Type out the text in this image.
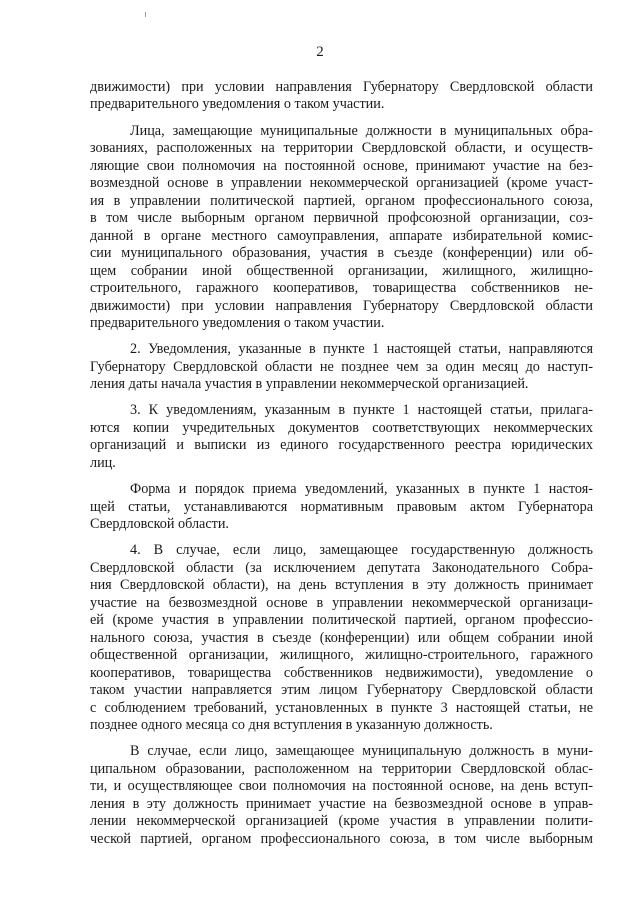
2
движимости) при условии направления Губернатору Свердловской области
предварительного уведомления о таком участии.
Лица, замещающие муниципальные должности в муниципальных обра-
зованиях, расположенных на территории Свердловской области, и осуществ-
ляющие свои полномочия на постоянной основе, принимают участие на без-
возмездной основе в управлении некоммерческой организацией (кроме участ-
ия в управлении политической партией, органом профессионального союза,
в том числе выборным органом первичной профсоюзной организации, соз-
данной в органе местного самоуправления, аппарате избирательной комис-
сии муниципального образования, участия в съезде (конференции) или об-
щем собрании иной общественной организации, жилищного, жилищно-
строительного, гаражного кооперативов, товарищества собственников не-
движимости) при условии направления Губернатору Свердловской области
предварительного уведомления о таком участии.
2. Уведомления, указанные в пункте 1 настоящей статьи, направляются
Губернатору Свердловской области не позднее чем за один месяц до наступ-
ления даты начала участия в управлении некоммерческой организацией.
3. К уведомлениям, указанным в пункте 1 настоящей статьи, прилага-
ются копии учредительных документов соответствующих некоммерческих
организаций и выписки из единого государственного реестра юридических
лиц.
Форма и порядок приема уведомлений, указанных в пункте 1 настоя-
щей статьи, устанавливаются нормативным правовым актом Губернатора
Свердловской области.
4. В случае, если лицо, замещающее государственную должность
Свердловской области (за исключением депутата Законодательного Собра-
ния Свердловской области), на день вступления в эту должность принимает
участие на безвозмездной основе в управлении некоммерческой организаци-
ей (кроме участия в управлении политической партией, органом профессио-
нального союза, участия в съезде (конференции) или общем собрании иной
общественной организации, жилищного, жилищно-строительного, гаражного
кооперативов, товарищества собственников недвижимости), уведомление о
таком участии направляется этим лицом Губернатору Свердловской области
с соблюдением требований, установленных в пункте 3 настоящей статьи, не
позднее одного месяца со дня вступления в указанную должность.
В случае, если лицо, замещающее муниципальную должность в муни-
ципальном образовании, расположенном на территории Свердловской облас-
ти, и осуществляющее свои полномочия на постоянной основе, на день вступ-
ления в эту должность принимает участие на безвозмездной основе в управ-
лении некоммерческой организацией (кроме участия в управлении полити-
ческой партией, органом профессионального союза, в том числе выборным
